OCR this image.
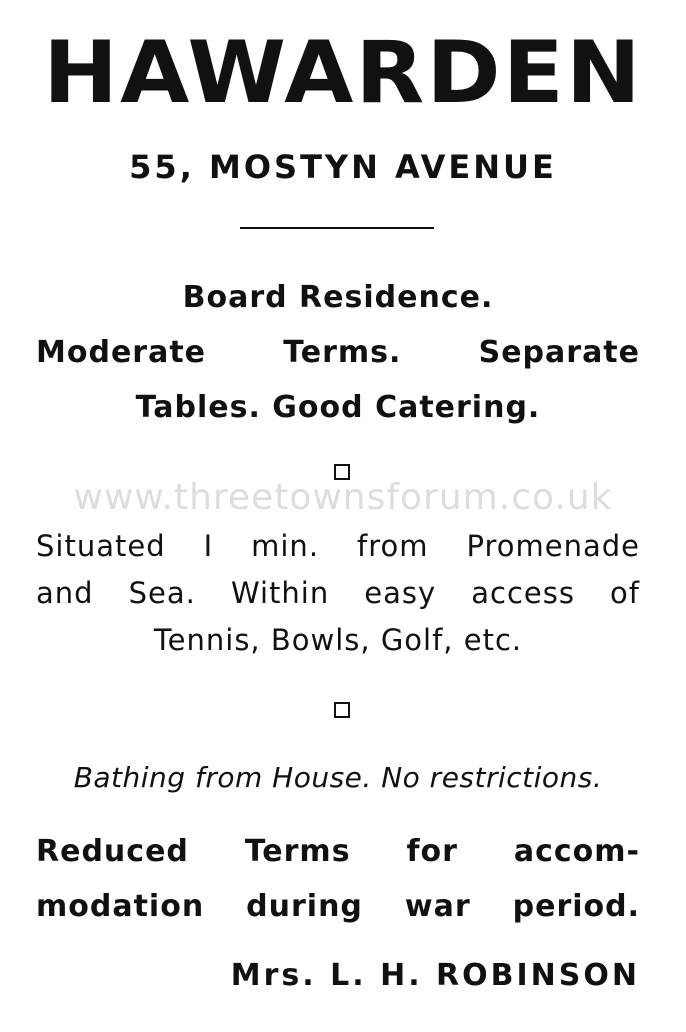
HAWARDEN
55, MOSTYN AVENUE
Board Residence.
Moderate Terms. Separate
Tables. Good Catering.
www.threetownsforum.co.uk
Situated I min. from Promenade
and Sea. Within easy access of
Tennis, Bowls, Golf, etc.
Bathing from House. No restrictions.
Reduced Terms for accom-
modation during war period.
Mrs. L. H. ROBINSON
